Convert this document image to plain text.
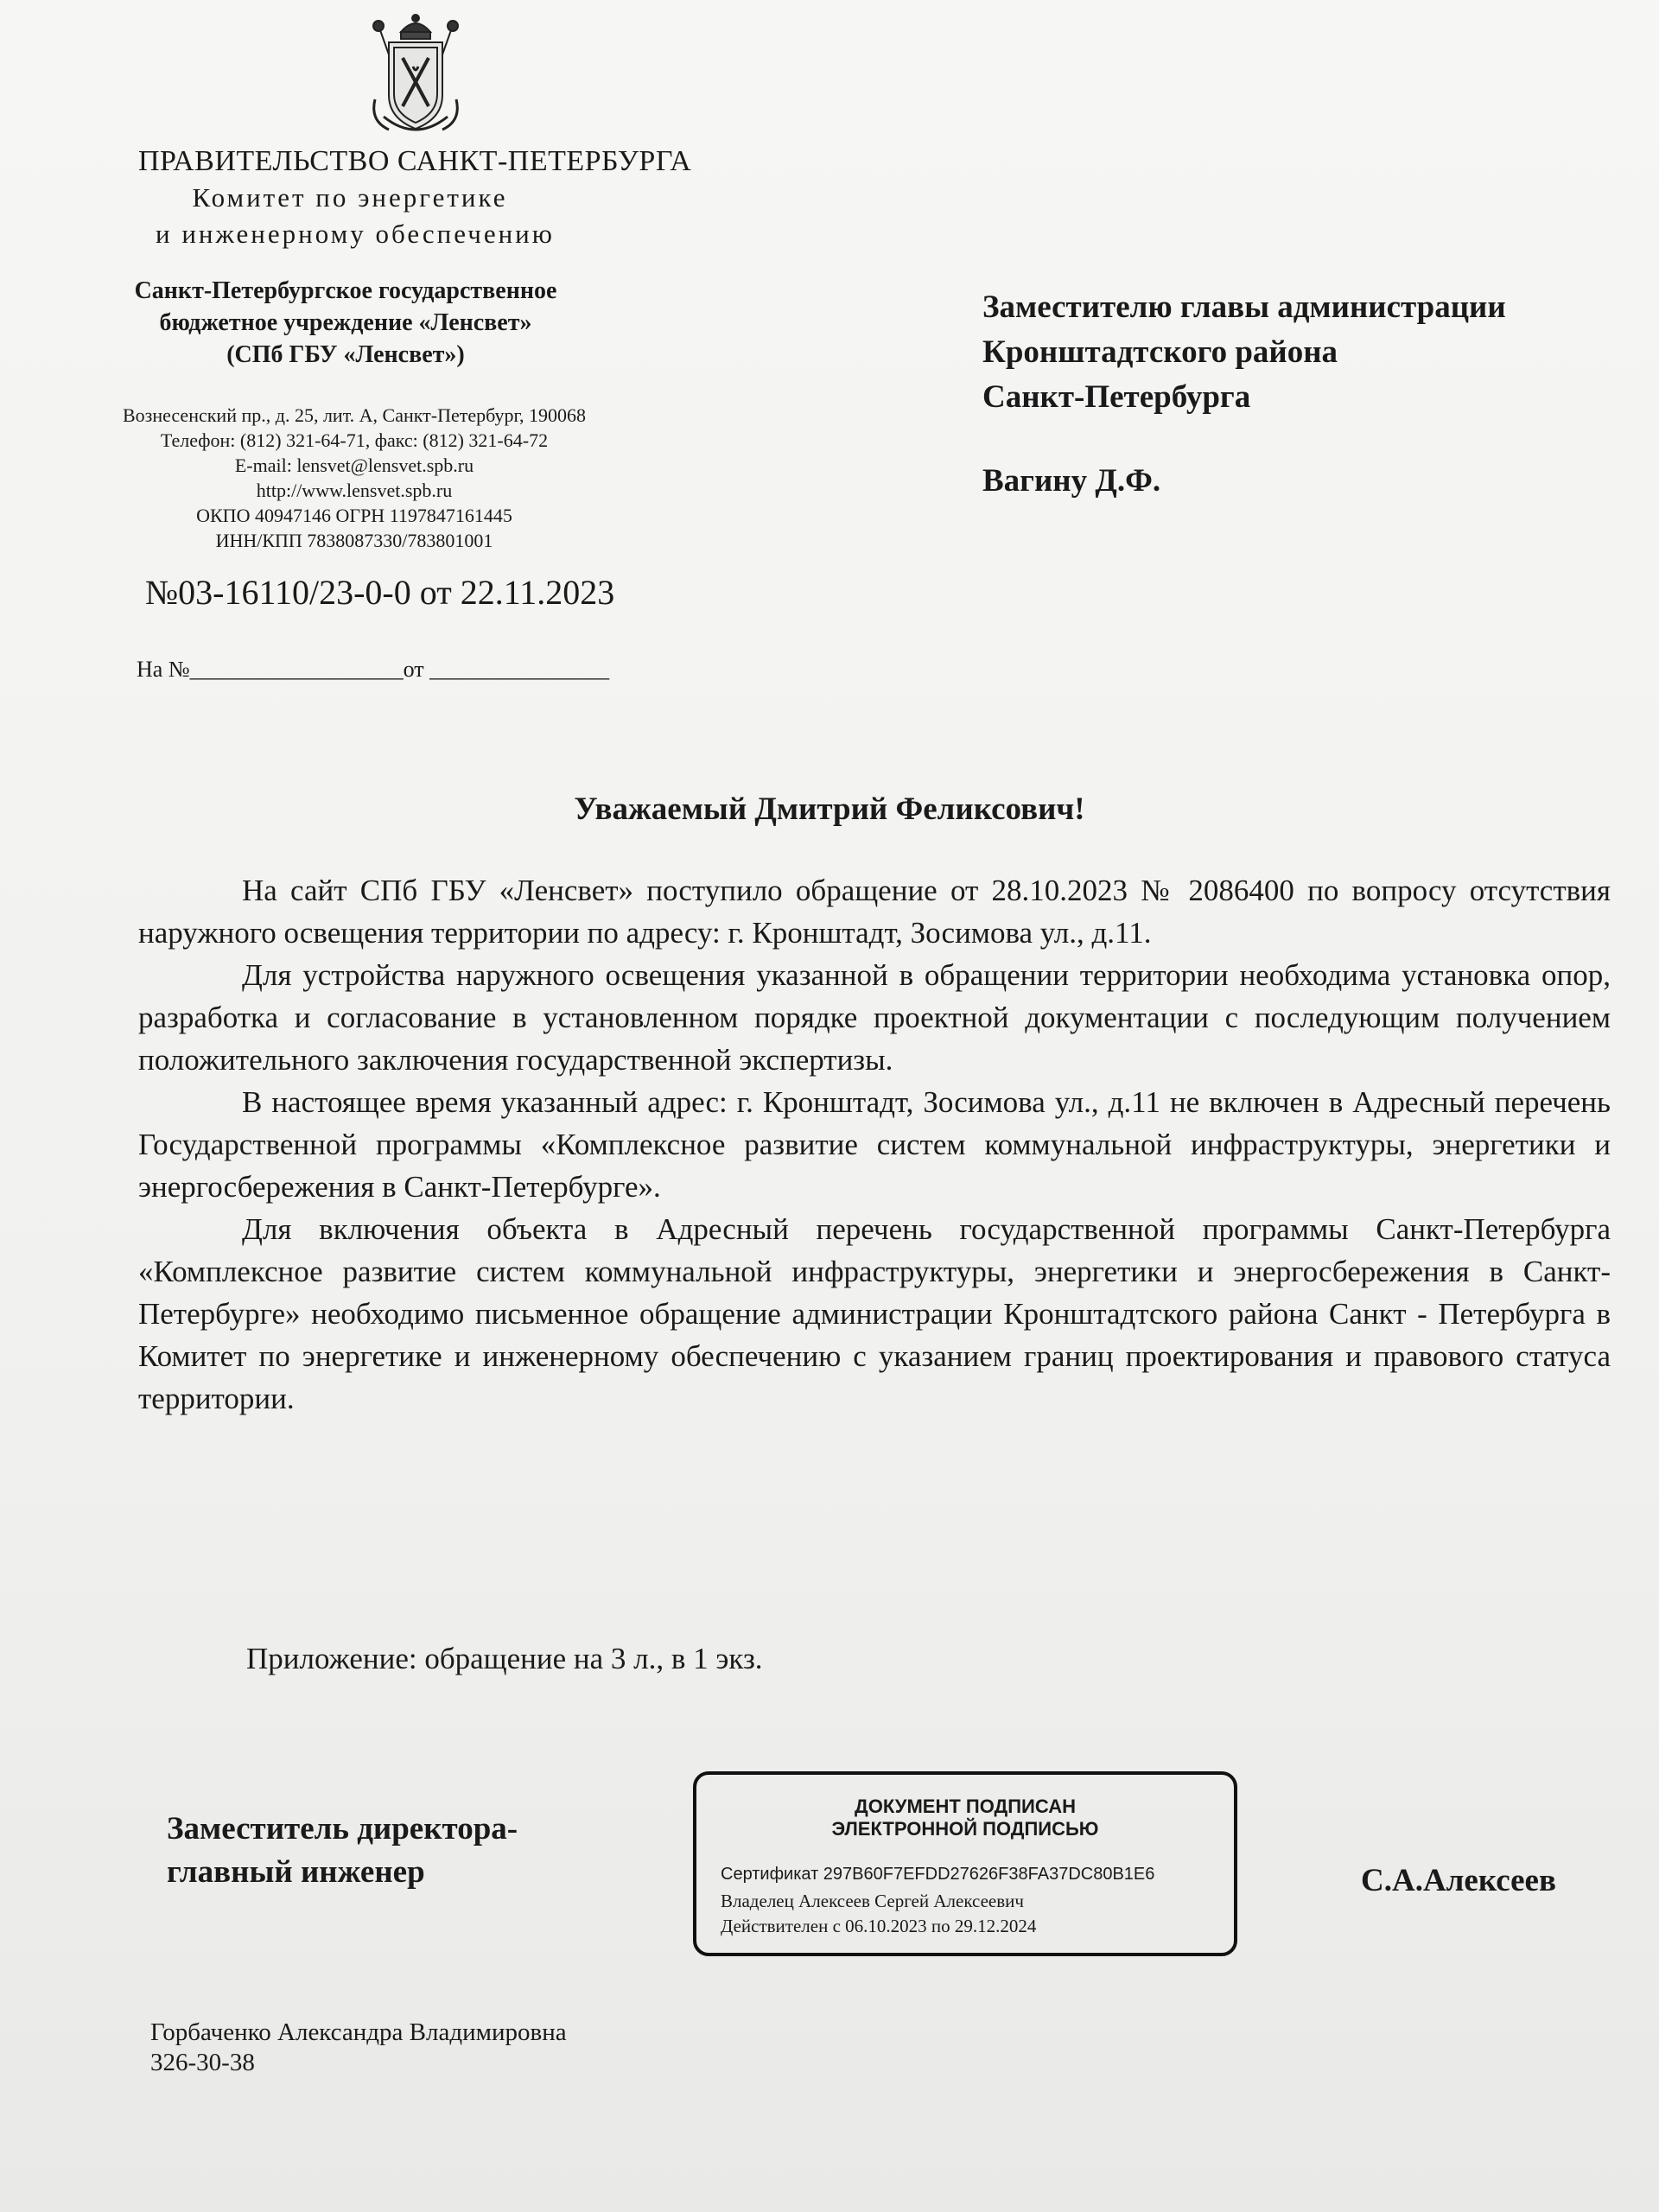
ПРАВИТЕЛЬСТВО САНКТ-ПЕТЕРБУРГА
Комитет по энергетике
и инженерному обеспечению
Санкт-Петербургское государственное
бюджетное учреждение «Ленсвет»
(СПб ГБУ «Ленсвет»)
Вознесенский пр., д. 25, лит. А, Санкт-Петербург, 190068
Телефон: (812) 321-64-71, факс: (812) 321-64-72
E-mail: lensvet@lensvet.spb.ru
http://www.lensvet.spb.ru
ОКПО 40947146 ОГРН 1197847161445
ИНН/КПП 7838087330/783801001
№03-16110/23-0-0 от 22.11.2023
На №___________________от ________________
Заместителю главы администрации
Кронштадтского района
Санкт-Петербурга
Вагину Д.Ф.
Уважаемый Дмитрий Феликсович!

На сайт СПб ГБУ «Ленсвет» поступило обращение от 28.10.2023 № 2086400 по вопросу отсутствия наружного освещения территории по адресу: г. Кронштадт, Зосимова ул., д.11.

Для устройства наружного освещения указанной в обращении территории необходима установка опор, разработка и согласование в установленном порядке проектной документации с последующим получением положительного заключения государственной экспертизы.

В настоящее время указанный адрес: г. Кронштадт, Зосимова ул., д.11 не включен в Адресный перечень Государственной программы «Комплексное развитие систем коммунальной инфраструктуры, энергетики и энергосбережения в Санкт-Петербурге».

Для включения объекта в Адресный перечень государственной программы Санкт-Петербурга «Комплексное развитие систем коммунальной инфраструктуры, энергетики и энергосбережения в Санкт-Петербурге» необходимо письменное обращение администрации Кронштадтского района Санкт - Петербурга в Комитет по энергетике и инженерному обеспечению с указанием границ проектирования и правового статуса территории.

Приложение: обращение на 3 л., в 1 экз.
Заместитель директора-
главный инженер
ДОКУМЕНТ ПОДПИСАН
ЭЛЕКТРОННОЙ ПОДПИСЬЮ
Сертификат 297B60F7EFDD27626F38FA37DC80B1E6
Владелец Алексеев Сергей Алексеевич
Действителен с 06.10.2023 по 29.12.2024
С.А.Алексеев
Горбаченко Александра Владимировна
326-30-38
